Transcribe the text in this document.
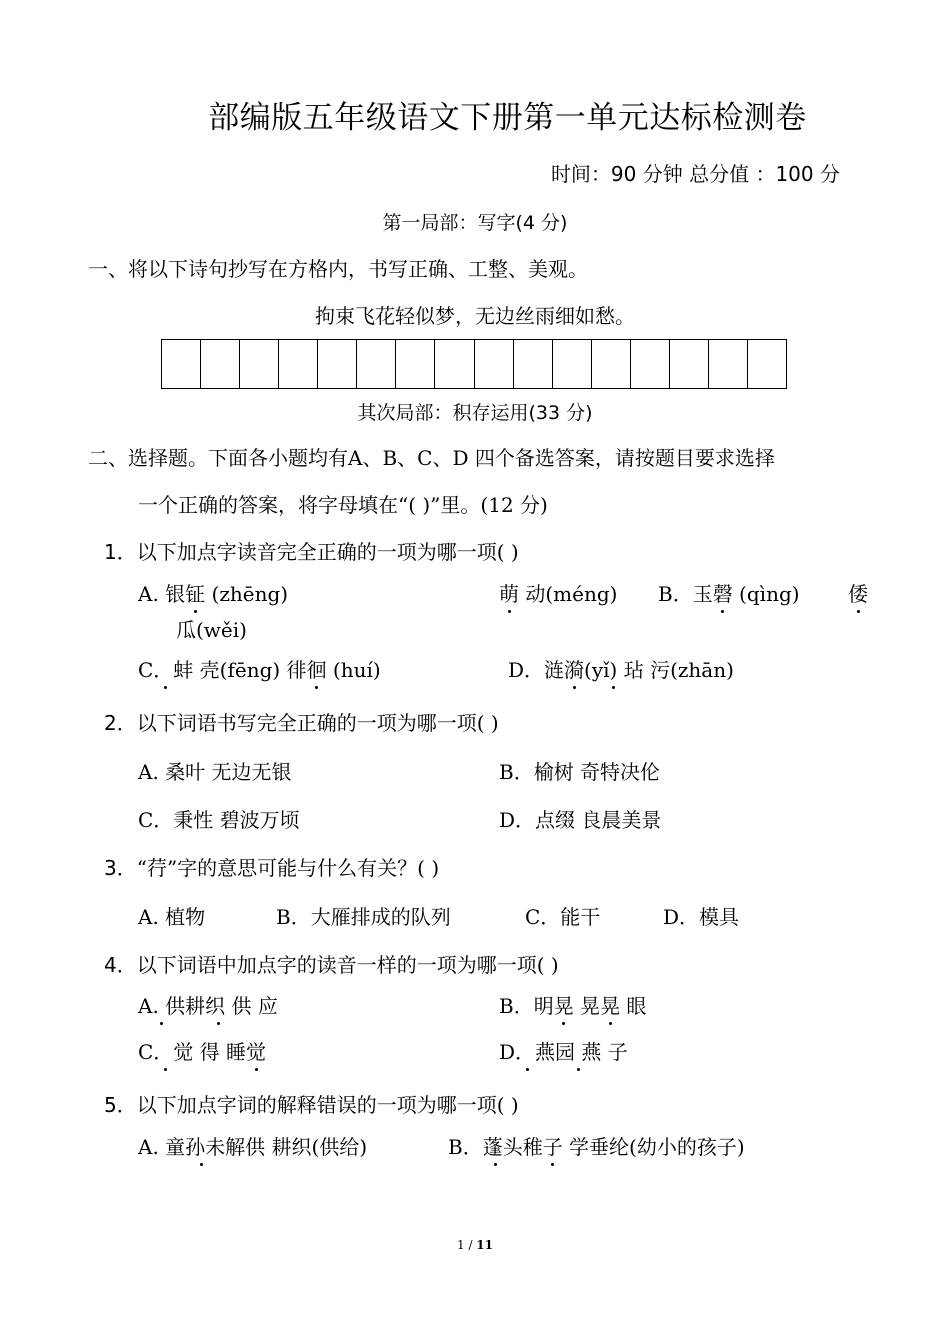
部编版五年级语文下册第一单元达标检测卷
时间：90 分钟 总分值 ：100 分
第一局部：写字(4 分)
一、将以下诗句抄写在方格内，书写正确、工整、美观。
拘束飞花轻似梦，无边丝雨细如愁。
其次局部：积存运用(33 分)
二、选择题。下面各小题均有A、B、C、D 四个备选答案，请按题目要求选择
一个正确的答案，将字母填在“( )”里。(12 分)
1．以下加点字读音完全正确的一项为哪一项( )
A. 银钲 (zhēng)	萌 动(méng) B．玉磬 (qìng) 倭
瓜(wěi)
C．蚌 壳(fēng) 徘徊 (huí)	D．涟漪(yǐ) 玷 污(zhān)
2．以下词语书写完全正确的一项为哪一项( )
A. 桑叶 无边无银	B．榆树 奇特决伦
C．秉性 碧波万顷	D．点缀 良晨美景
3．“荇”字的意思可能与什么有关？( )
A. 植物	B．大雁排成的队列	C．能干	D．模具
4．以下词语中加点字的读音一样的一项为哪一项( )
A. 供耕织 供 应	B．明晃 晃晃 眼
C．觉 得 睡觉	D．燕园 燕 子
5．以下加点字词的解释错误的一项为哪一项( )
A. 童孙未解供 耕织(供给)	B．蓬头稚子 学垂纶(幼小的孩子)
1 / 11
